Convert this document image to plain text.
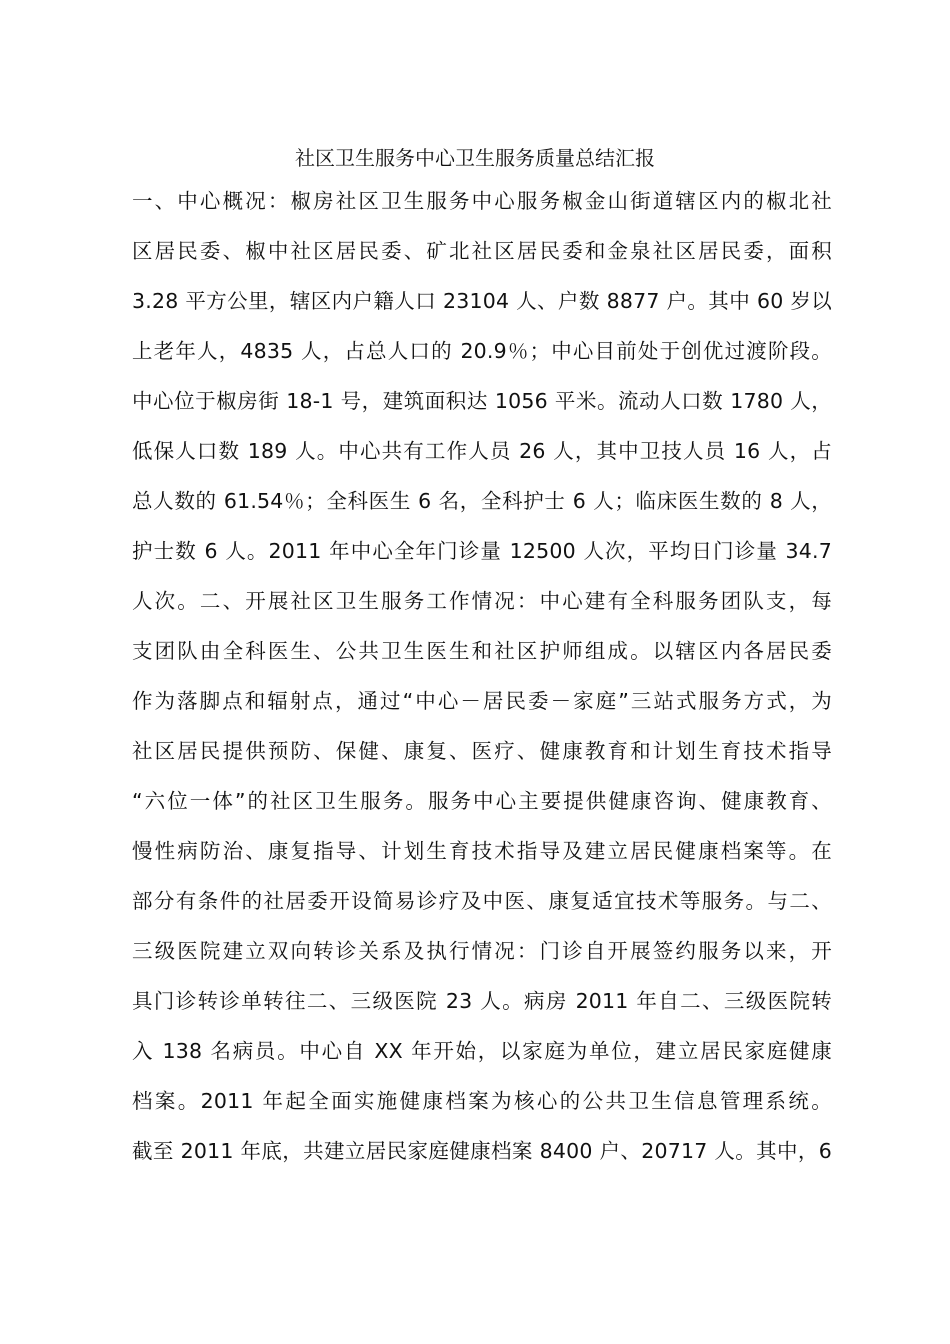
社区卫生服务中心卫生服务质量总结汇报
一、中心概况：椒房社区卫生服务中心服务椒金山街道辖区内的椒北社
区居民委、椒中社区居民委、矿北社区居民委和金泉社区居民委，面积
3.28 平方公里，辖区内户籍人口 23104 人、户数 8877 户。其中 60 岁以
上老年人，4835 人，占总人口的 20.9％；中心目前处于创优过渡阶段。
中心位于椒房街 18-1 号，建筑面积达 1056 平米。流动人口数 1780 人，
低保人口数 189 人。中心共有工作人员 26 人，其中卫技人员 16 人，占
总人数的 61.54％；全科医生 6 名，全科护士 6 人；临床医生数的 8 人，
护士数 6 人。2011 年中心全年门诊量 12500 人次，平均日门诊量 34.7
人次。二、开展社区卫生服务工作情况：中心建有全科服务团队支，每
支团队由全科医生、公共卫生医生和社区护师组成。以辖区内各居民委
作为落脚点和辐射点，通过“中心－居民委－家庭”三站式服务方式，为
社区居民提供预防、保健、康复、医疗、健康教育和计划生育技术指导
“六位一体”的社区卫生服务。服务中心主要提供健康咨询、健康教育、
慢性病防治、康复指导、计划生育技术指导及建立居民健康档案等。在
部分有条件的社居委开设简易诊疗及中医、康复适宜技术等服务。与二、
三级医院建立双向转诊关系及执行情况：门诊自开展签约服务以来，开
具门诊转诊单转往二、三级医院 23 人。病房 2011 年自二、三级医院转
入 138 名病员。中心自 XX 年开始，以家庭为单位，建立居民家庭健康
档案。2011 年起全面实施健康档案为核心的公共卫生信息管理系统。
截至 2011 年底，共建立居民家庭健康档案 8400 户、20717 人。其中，6
